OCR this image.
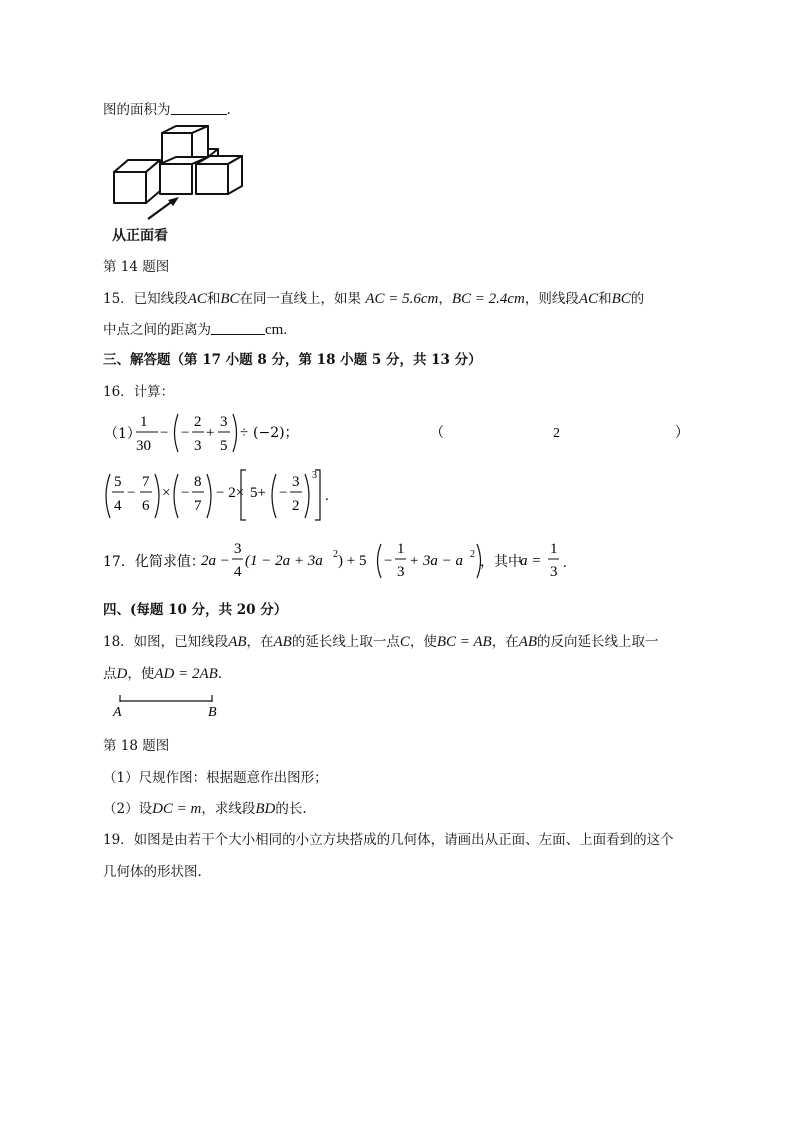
图的面积为	.
从正面看
第 14 题图
15．已知线段AC和BC在同一直线上，如果 AC = 5.6cm，BC = 2.4cm，则线段AC和BC的
中点之间的距离为	cm.
三、解答题（第 17 小题 8 分，第 18 小题 5 分，共 13 分）
16．计算：
（1）
1
30
− −
2
3
+
3
5
÷ (−2)；	（	2	）
5
4
−
7
6
× −
8
7
− 2× 5+ −
3
2
3
.
17．化简求值：
2a −
3
4
(1 − 2a + 3a 2 ) + 5 −
1
3
+ 3a − a 2 ，其中
a =
1
3
.
四、(每题 10 分，共 20 分）
18．如图，已知线段AB，在AB的延长线上取一点C，使BC = AB，在AB的反向延长线上取一
点D，使AD = 2AB.
A	B
第 18 题图
（1）尺规作图：根据题意作出图形；
（2）设DC = m，求线段BD的长.
19．如图是由若干个大小相同的小立方块搭成的几何体，请画出从正面、左面、上面看到的这个
几何体的形状图.
